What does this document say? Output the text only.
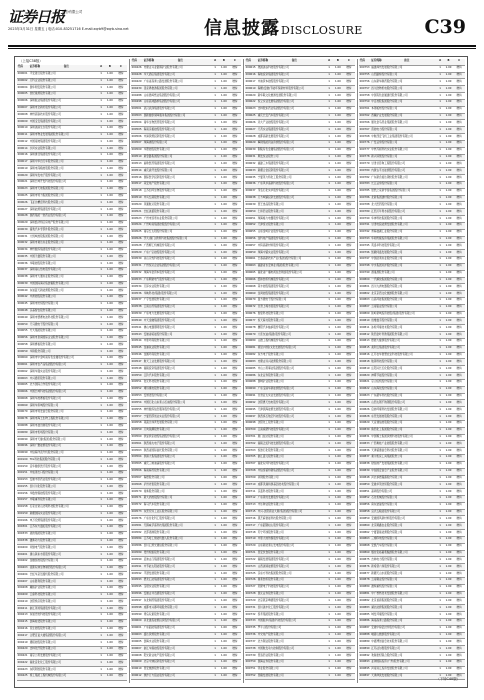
证券日报
股份有限公司
2023年3月31日 星期五 | 电话:010-83251716 E-mail:zqrb9@zqrb.sina.net	信息披露DISCLOSURE	C39
（上接C38版）
代码	证券简称	备注	A	B	C
000001 平安银行股份有限公司	1	1.00	增持
000002 万科企业股份有限公司	1	1.00	增持
000004 国华网安股份有限公司	1	1.00	增持
000005 世纪星源股份有限公司	1	1.00	增持
000006 深圳振业集团股份有限公司	1	1.00	增持
000007 深圳市全新好股份有限公司	1	1.00	增持
000008 神州高铁技术股份有限公司	1	1.00	增持
000009 中国宝安集团股份有限公司	1	1.00	增持
000010 深圳美丽生态股份有限公司	1	1.00	增持
000011 深圳市物业发展集团股份有限公司	1	1.00	增持
000012 中国南玻集团股份有限公司	1	1.00	增持
000014 沙河实业股份有限公司	1	1.00	增持
000016 深圳康佳集团股份有限公司	1	1.00	增持
000017 深圳中华自行车股份有限公司	1	1.00	增持
000019 深圳市深粮控股股份有限公司	1	1.00	增持
000020 深圳华发电子股份有限公司	1	1.00	增持
000021 深圳长城开发科技股份有限公司	1	1.00	增持
000023 深圳市天地集团股份有限公司	1	1.00	增持
000025 深圳市特力集团股份有限公司	1	1.00	增持
000026 飞亚达精密科技股份有限公司	1	1.00	增持
000027 深圳能源集团股份有限公司	1	1.00	增持
000028 国药集团一致药业股份有限公司	1	1.00	增持
000029 深圳经济特区房地产股份有限公司	1	1.00	增持
000030 富奥汽车零部件股份有限公司	1	1.00	增持
000031 大悦城控股集团股份有限公司	1	1.00	增持
000032 深圳市桑达实业股份有限公司	1	1.00	增持
000034 神州数码集团股份有限公司	1	1.00	增持
000035 中国天楹股份有限公司	1	1.00	增持
000036 华联控股股份有限公司	1	1.00	增持
000037 深圳南山热电股份有限公司	1	1.00	增持
000038 深圳市大通实业股份有限公司	1	1.00	增持
000039 中国国际海运集装箱股份有限公司	1	1.00	增持
000040 东旭蓝天新能源股份有限公司	1	1.00	增持
000042 中洲控股股份有限公司	1	1.00	增持
000045 深圳市纺织股份有限公司	1	1.00	增持
000048 京基智农股份有限公司	1	1.00	增持
000049 深圳市德赛电池科技股份有限公司	1	1.00	增持
000050 天马微电子股份有限公司	1	1.00	增持
000055 方大集团股份有限公司	1	1.00	增持
000056 深圳市皇庭国际企业股份有限公司	1	1.00	增持
000058 深圳赛格股份有限公司	1	1.00	增持
000059 华锦股份有限公司	1	1.00	增持
000060 深圳市中金岭南有色金属股份有限公司	1	1.00	增持
000061 深圳市农产品集团股份有限公司	1	1.00	增持
000062 深圳华强实业股份有限公司	1	1.00	增持
000063 中兴通讯股份有限公司	1	1.00	增持
000065 北方国际合作股份有限公司	1	1.00	增持
000066 中国长城科技集团股份有限公司	1	1.00	增持
000068 深圳华控赛格股份有限公司	1	1.00	增持
000069 深圳华侨城股份有限公司	1	1.00	增持
000070 深圳市特发信息股份有限公司	1	1.00	增持
000078 深圳市海王生物工程股份有限公司	1	1.00	增持
000088 深圳市盐田港股份有限公司	1	1.00	增持
000089 深圳市机场股份有限公司	1	1.00	增持
000090 深圳市天健(集团)股份有限公司	1	1.00	增持
000096 深圳广聚能源股份有限公司	1	1.00	增持
000099 中信海洋直升机股份有限公司	1	1.00	增持
000100 TCL科技集团股份有限公司	1	1.00	增持
000150 宜华健康医疗股份有限公司	1	1.00	增持
000151 中成进出口股份有限公司	1	1.00	增持
000153 安徽丰原药业股份有限公司	1	1.00	增持
000155 四川川化股份有限公司	1	1.00	增持
000156 华数传媒控股股份有限公司	1	1.00	增持
000157 中联重科股份有限公司	1	1.00	增持
000158 石家庄常山北明科技股份有限公司	1	1.00	增持
000159 新疆国际实业股份有限公司	1	1.00	增持
000166 申万宏源集团股份有限公司	1	1.00	增持
000301 江苏东方盛虹股份有限公司	1	1.00	增持
000333 美的集团股份有限公司	1	1.00	增持
000338 潍柴动力股份有限公司	1	1.00	增持
000400 许继电气股份有限公司	1	1.00	增持
000401 唐山冀东水泥股份有限公司	1	1.00	增持
000402 金融街控股股份有限公司	1	1.00	增持
000403 派斯双林生物制药股份有限公司	1	1.00	增持
000404 长虹华意压缩机股份有限公司	1	1.00	增持
000407 山东胜利股份有限公司	1	1.00	增持
000408 藏格矿业股份有限公司	1	1.00	增持
000409 云鼎科技股份有限公司	1	1.00	增持
000410 沈阳机床股份有限公司	1	1.00	增持
000411 浙江英特集团股份有限公司	1	1.00	增持
000413 东旭光电科技股份有限公司	1	1.00	增持
000415 渤海租赁股份有限公司	1	1.00	增持
000416 民生控股股份有限公司	1	1.00	增持
000417 合肥百货大楼集团股份有限公司	1	1.00	增持
000419 通程控股股份有限公司	1	1.00	增持
000420 吉林化纤股份有限公司	1	1.00	增持
000421 南京公用发展股份有限公司	1	1.00	增持
000422 湖北宜化化工股份有限公司	1	1.00	增持
000423 东阿阿胶股份有限公司	1	1.00	增持
000425 徐工集团工程机械股份有限公司	1	1.00	增持
代码	证券简称	备注	A	B	C
000426 内蒙古兴业银锡矿业股份有限公司	1	1.00	增持
000428 华天酒店集团股份有限公司	1	1.00	增持
000429 广东省高速公路发展股份有限公司	1	1.00	增持
000430 张家界旅游集团股份有限公司	1	1.00	增持
000488 山东晨鸣纸业集团股份有限公司	1	1.00	增持
000498 山东高速路桥集团股份有限公司	1	1.00	增持
000501 武汉武商集团股份有限公司	1	1.00	增持
000503 国新健康保障服务集团股份有限公司	1	1.00	增持
000504 南华生物医药股份有限公司	1	1.00	增持
000505 海南京粮控股股份有限公司	1	1.00	增持
000506 中润资源投资股份有限公司	1	1.00	增持
000507 珠海港股份有限公司	1	1.00	增持
000509 华塑控股股份有限公司	1	1.00	增持
000510 新金路集团股份有限公司	1	1.00	增持
000513 丽珠医药集团股份有限公司	1	1.00	增持
000514 重庆渝开发股份有限公司	1	1.00	增持
000516 国际医学投资股份有限公司	1	1.00	增持
000517 荣安地产股份有限公司	1	1.00	增持
000518 江苏四环生物股份有限公司	1	1.00	增持
000519 中兵红箭股份有限公司	1	1.00	增持
000520 凤凰航运股份有限公司	1	1.00	增持
000521 长虹美菱股份有限公司	1	1.00	增持
000523 广州市浪奇实业股份有限公司	1	1.00	增持
000524 广州岭南集团控股股份有限公司	1	1.00	增持
000525 南京红太阳股份有限公司	1	1.00	增持
000526 学大(厦门)教育科技集团股份有限公司	1	1.00	增持
000528 广西柳工机械股份有限公司	1	1.00	增持
000529 广东广弘控股股份有限公司	1	1.00	增持
000530 冰山冷热科技股份有限公司	1	1.00	增持
000531 广州恒运企业集团股份有限公司	1	1.00	增持
000532 珠海华金资本股份有限公司	1	1.00	增持
000533 广东顺钠电气股份有限公司	1	1.00	增持
000534 万泽实业股份有限公司	1	1.00	增持
000536 华映科技(集团)股份有限公司	1	1.00	增持
000537 广宇发展股份有限公司	1	1.00	增持
000538 云南白药集团股份有限公司	1	1.00	增持
000539 广东电力发展股份有限公司	1	1.00	增持
000540 中天金融集团股份有限公司	1	1.00	增持
000541 佛山电器照明股份有限公司	1	1.00	增持
000543 安徽省皖能股份有限公司	1	1.00	增持
000544 中原环保股份有限公司	1	1.00	增持
000545 金浦钛业股份有限公司	1	1.00	增持
000546 金圆环保股份有限公司	1	1.00	增持
000547 航天工业发展股份有限公司	1	1.00	增持
000548 湖南投资集团股份有限公司	1	1.00	增持
000550 江铃汽车股份有限公司	1	1.00	增持
000551 创元科技股份有限公司	1	1.00	增持
000552 靖远煤电股份有限公司	1	1.00	增持
000553 安道麦股份有限公司	1	1.00	增持
000554 中国石化山东泰山石油股份有限公司	1	1.00	增持
000555 神州数码信息服务股份有限公司	1	1.00	增持
000557 宁夏西部创业实业股份有限公司	1	1.00	增持
000558 莱茵达体育发展股份有限公司	1	1.00	增持
000559 万向钱潮股份有限公司	1	1.00	增持
000560 我爱我家控股集团股份有限公司	1	1.00	增持
000561 陕西烽火电子股份有限公司	1	1.00	增持
000563 陕西省国际信托股份有限公司	1	1.00	增持
000564 供销大集集团股份有限公司	1	1.00	增持
000565 重庆三峡油漆股份有限公司	1	1.00	增持
000566 海南海药股份有限公司	1	1.00	增持
000567 海德股份有限公司	1	1.00	增持
000568 泸州老窖股份有限公司	1	1.00	增持
000570 常柴股份有限公司	1	1.00	增持
000571 新大洲控股股份有限公司	1	1.00	增持
000572 海马汽车股份有限公司	1	1.00	增持
000573 东莞宏远工业区股份有限公司	1	1.00	增持
000576 广东甘化科工股份有限公司	1	1.00	增持
000581 无锡威孚高科技集团股份有限公司	1	1.00	增持
000582 北部湾港股份有限公司	1	1.00	增持
000584 江苏哈工智能机器人股份有限公司	1	1.00	增持
000586 四川汇源光通信股份有限公司	1	1.00	增持
000589 贵州轮胎股份有限公司	1	1.00	增持
000590 启迪古汉集团股份有限公司	1	1.00	增持
000591 中节能太阳能股份有限公司	1	1.00	增持
000592 平潭发展股份有限公司	1	1.00	增持
000593 德龙汇能集团股份有限公司	1	1.00	增持
000595 宝塔实业股份有限公司	1	1.00	增持
000596 安徽古井贡酒股份有限公司	1	1.00	增持
000597 东北制药集团股份有限公司	1	1.00	增持
000598 成都市兴蓉环境股份有限公司	1	1.00	增持
000599 青岛双星股份有限公司	1	1.00	增持
000600 河北建投能源投资股份有限公司	1	1.00	增持
000601 广东韶能集团股份有限公司	1	1.00	增持
000603 盛达资源股份有限公司	1	1.00	增持
000605 渤海水业股份有限公司	1	1.00	增持
000607 浙江华媒控股股份有限公司	1	1.00	增持
000608 阳光新业地产股份有限公司	1	1.00	增持
000609 北京中迪投资股份有限公司	1	1.00	增持
000610 西安旅游股份有限公司	1	1.00	增持
000612 焦作万方铝业股份有限公司	1	1.00	增持
代码	证券简称	备注	A	B	C
000615 奥园美谷科技股份有限公司	1	1.00	增持
000616 海航投资集团股份有限公司	1	1.00	增持
000617 中油资本控股股份有限公司	1	1.00	增持
000619 海螺(安徽)节能环保新材料股份有限公司	1	1.00	增持
000620 新华联文化旅游发展股份有限公司	1	1.00	增持
000622 恒立实业发展集团股份有限公司	1	1.00	增持
000623 吉林敖东药业集团股份有限公司	1	1.00	增持
000625 重庆长安汽车股份有限公司	1	1.00	增持
000626 远大产业控股股份有限公司	1	1.00	增持
000627 天茂实业集团股份有限公司	1	1.00	增持
000628 成都高新发展股份有限公司	1	1.00	增持
000629 攀钢集团钒钛资源股份有限公司	1	1.00	增持
000630 铜陵有色金属集团股份有限公司	1	1.00	增持
000631 顺发恒业股份公司	1	1.00	增持
000632 福建三木集团股份有限公司	1	1.00	增持
000633 新疆合金投资股份有限公司	1	1.00	增持
000635 宁夏英力特化工股份有限公司	1	1.00	增持
000636 广东风华高新科技股份有限公司	1	1.00	增持
000637 茂名石化实华股份有限公司	1	1.00	增持
000638 万方城镇投资发展股份有限公司	1	1.00	增持
000639 西王食品股份有限公司	1	1.00	增持
000650 仁和药业股份有限公司	1	1.00	增持
000651 珠海格力电器股份有限公司	1	1.00	增持
000652 天津泰达股份有限公司	1	1.00	增持
000655 山东金岭矿业股份有限公司	1	1.00	增持
000656 金科地产集团股份有限公司	1	1.00	增持
000657 中钨高新材料股份有限公司	1	1.00	增持
000659 珠海中富实业股份有限公司	1	1.00	增持
000661 长春高新技术产业(集团)股份有限公司	1	1.00	增持
000663 福建省永安林业(集团)股份有限公司	1	1.00	增持
000665 湖北省广播电视信息网络股份有限公司	1	1.00	增持
000666 经纬纺织机械股份有限公司	1	1.00	增持
000668 荣丰控股集团股份有限公司	1	1.00	增持
000669 金鸿控股集团股份有限公司	1	1.00	增持
000670 盈方微电子股份有限公司	1	1.00	增持
000672 甘肃上峰水泥股份有限公司	1	1.00	增持
000676 智度科技股份有限公司	1	1.00	增持
000677 恒天海龙股份有限公司	1	1.00	增持
000678 襄阳汽车轴承股份有限公司	1	1.00	增持
000679 大连友谊(集团)股份有限公司	1	1.00	增持
000680 山推工程机械股份有限公司	1	1.00	增持
000681 视觉(中国)文化发展股份有限公司	1	1.00	增持
000682 东方电子股份有限公司	1	1.00	增持
000683 内蒙古远兴能源股份有限公司	1	1.00	增持
000685 中山公用事业集团股份有限公司	1	1.00	增持
000686 东北证券股份有限公司	1	1.00	增持
000688 国城矿业股份有限公司	1	1.00	增持
000690 广东宝丽华新能源股份有限公司	1	1.00	增持
000691 甘肃亚太实业发展股份有限公司	1	1.00	增持
000692 沈阳惠天热电股份有限公司	1	1.00	增持
000695 天津滨海能源发展股份有限公司	1	1.00	增持
000697 陕西炼石航空科技股份有限公司	1	1.00	增持
000698 沈阳化工股份有限公司	1	1.00	增持
000700 江南模塑科技股份有限公司	1	1.00	增持
000701 厦门信达股份有限公司	1	1.00	增持
000702 湖南正虹科技发展股份有限公司	1	1.00	增持
000703 恒逸石化股份有限公司	1	1.00	增持
000705 浙江震元股份有限公司	1	1.00	增持
000707 湖北双环科技股份有限公司	1	1.00	增持
000708 中信泰富特钢集团股份有限公司	1	1.00	增持
000709 河钢股份有限公司	1	1.00	增持
000710 成都贝瑞和康基因技术股份有限公司	1	1.00	增持
000711 京蓝科技股份有限公司	1	1.00	增持
000712 广东锦龙发展股份有限公司	1	1.00	增持
000713 丰乐种业股份有限公司	1	1.00	增持
000715 中兴-沈阳商业大厦(集团)股份有限公司	1	1.00	增持
000716 黑芝麻智能科技股份有限公司	1	1.00	增持
000717 广东韶钢松山股份有限公司	1	1.00	增持
000718 苏宁环球股份有限公司	1	1.00	增持
000719 中原大地传媒股份有限公司	1	1.00	增持
000720 山东新能泰山发电股份有限公司	1	1.00	增持
000721 西安饮食股份有限公司	1	1.00	增持
000722 湖南发展集团股份有限公司	1	1.00	增持
000723 山西美锦能源股份有限公司	1	1.00	增持
000725 京东方科技集团股份有限公司	1	1.00	增持
000726 鲁泰纺织股份有限公司	1	1.00	增持
000727 冠捷电子科技股份有限公司	1	1.00	增持
000728 国元证券股份有限公司	1	1.00	增持
000729 北京燕京啤酒股份有限公司	1	1.00	增持
000731 四川美丰化工股份有限公司	1	1.00	增持
000732 泰禾集团股份有限公司	1	1.00	增持
000733 中国振华(集团)科技股份有限公司	1	1.00	增持
000735 罗牛山股份有限公司	1	1.00	增持
000736 中交地产股份有限公司	1	1.00	增持
000737 北方铜业股份有限公司	1	1.00	增持
000738 中国航发动力控制股份有限公司	1	1.00	增持
000739 普洛药业股份有限公司	1	1.00	增持
000750 国海证券股份有限公司	1	1.00	增持
000751 锌业股份有限公司	1	1.00	增持
000752 西藏发展股份有限公司	1	1.00	增持
代码	证券简称	备注	A	B	C
000753 福建漳州发展股份有限公司	1	1.00	增持
000755 山西路桥股份有限公司	1	1.00	增持
000756 山东新华制药股份有限公司	1	1.00	增持
000757 四川浩物机电股份有限公司	1	1.00	增持
000758 中国有色金属建设股份有限公司	1	1.00	增持
000759 中百控股集团股份有限公司	1	1.00	增持
000761 本钢板材股份有限公司	1	1.00	增持
000762 西藏矿业发展股份有限公司	1	1.00	增持
000766 通化金马药业集团股份有限公司	1	1.00	增持
000767 晋控电力股份有限公司	1	1.00	增持
000768 中航西安飞机工业集团股份有限公司	1	1.00	增持
000776 广发证券股份有限公司	1	1.00	增持
000777 中核苏阀科技实业股份有限公司	1	1.00	增持
000778 新兴铸管股份有限公司	1	1.00	增持
000779 甘肃甘咨询工程股份有限公司	1	1.00	增持
000780 内蒙古平庄能源股份有限公司	1	1.00	增持
000782 广东新会美达锦纶股份有限公司	1	1.00	增持
000783 长江证券股份有限公司	1	1.00	增持
000785 居然之家新零售集团股份有限公司	1	1.00	增持
000786 北新集团建材股份有限公司	1	1.00	增持
000788 北大医药股份有限公司	1	1.00	增持
000789 江西万年青水泥股份有限公司	1	1.00	增持
000790 华神科技集团股份有限公司	1	1.00	增持
000791 甘肃电投能源发展股份有限公司	1	1.00	增持
000792 青海盐湖工业股份有限公司	1	1.00	增持
000793 华闻传媒投资集团股份有限公司	1	1.00	增持
000795 英洛华科技股份有限公司	1	1.00	增持
000796 凯撒同盛发展股份有限公司	1	1.00	增持
000797 中国武夷实业股份有限公司	1	1.00	增持
000798 中水集团远洋股份有限公司	1	1.00	增持
000799 酒鬼酒股份有限公司	1	1.00	增持
000800 一汽解放集团股份有限公司	1	1.00	增持
000801 四川九洲电器股份有限公司	1	1.00	增持
000802 北京京西文化旅游股份有限公司	1	1.00	增持
000803 山高环能集团股份有限公司	1	1.00	增持
000807 云南铝业股份有限公司	1	1.00	增持
000809 铁岭新城投资控股(集团)股份有限公司	1	1.00	增持
000810 创维数字股份有限公司	1	1.00	增持
000811 冰轮环境技术股份有限公司	1	1.00	增持
000812 陕西金叶科教集团股份有限公司	1	1.00	增持
000813 德展大健康股份有限公司	1	1.00	增持
000815 美利云集团股份有限公司	1	1.00	增持
000816 江苏农华智慧农业科技股份有限公司	1	1.00	增持
000818 航锦科技股份有限公司	1	1.00	增持
000819 岳阳兴长石化股份有限公司	1	1.00	增持
000820 神雾节能股份有限公司	1	1.00	增持
000821 京山轻机股份有限公司	1	1.00	增持
000822 山东海化股份有限公司	1	1.00	增持
000823 广东超华科技股份有限公司	1	1.00	增持
000825 山西太钢不锈钢股份有限公司	1	1.00	增持
000826 启迪环境科技发展股份有限公司	1	1.00	增持
000828 东莞发展控股股份有限公司	1	1.00	增持
000829 天音通信控股股份有限公司	1	1.00	增持
000830 鲁西化工集团股份有限公司	1	1.00	增持
000831 中国稀土集团资源科技股份有限公司	1	1.00	增持
000833 广西粤桂广业控股股份有限公司	1	1.00	增持
000836 天津富通信息科技股份有限公司	1	1.00	增持
000837 秦川机床工具集团股份公司	1	1.00	增持
000838 财信地产发展集团股份有限公司	1	1.00	增持
000839 中信国安信息产业股份有限公司	1	1.00	增持
000848 河北承德露露股份有限公司	1	1.00	增持
000850 安徽华茂纺织股份有限公司	1	1.00	增持
000851 高鸿股份有限公司	1	1.00	增持
000852 石化机械股份有限公司	1	1.00	增持
000856 冀东装备股份有限公司	1	1.00	增持
000858 宜宾五粮液股份有限公司	1	1.00	增持
000859 安徽国风新材料股份有限公司	1	1.00	增持
000860 北京顺鑫农业股份有限公司	1	1.00	增持
000862 宁夏银星能源股份有限公司	1	1.00	增持
000863 三湘印象股份有限公司	1	1.00	增持
000868 安凯汽车股份有限公司	1	1.00	增持
000869 烟台张裕葡萄酿酒股份有限公司	1	1.00	增持
000875 吉林电力股份有限公司	1	1.00	增持
000876 新希望六和股份有限公司	1	1.00	增持
000877 新疆天山水泥股份有限公司	1	1.00	增持
000878 云南铜业股份有限公司	1	1.00	增持
000880 潍柴重机股份有限公司	1	1.00	增持
000881 中广核核技术发展股份有限公司	1	1.00	增持
000882 北京首商集团股份有限公司	1	1.00	增持
000883 湖北能源集团股份有限公司	1	1.00	增持
000885 城发环境股份有限公司	1	1.00	增持
000886 海南高速公路股份有限公司	1	1.00	增持
000887 安徽中鼎密封件股份有限公司	1	1.00	增持
000888 峨眉山旅游股份有限公司	1	1.00	增持
000889 中嘉博创信息技术股份有限公司	1	1.00	增持
000890 江苏法尔胜股份有限公司	1	1.00	增持
000892 欢瑞世纪联合股份有限公司	1	1.00	增持
000893 亚钾国际投资(广州)股份有限公司	1	1.00	增持
000895 河南双汇投资发展股份有限公司	1	1.00	增持
000897 天津津滨发展股份有限公司	1	1.00	增持
（下转C40版）
